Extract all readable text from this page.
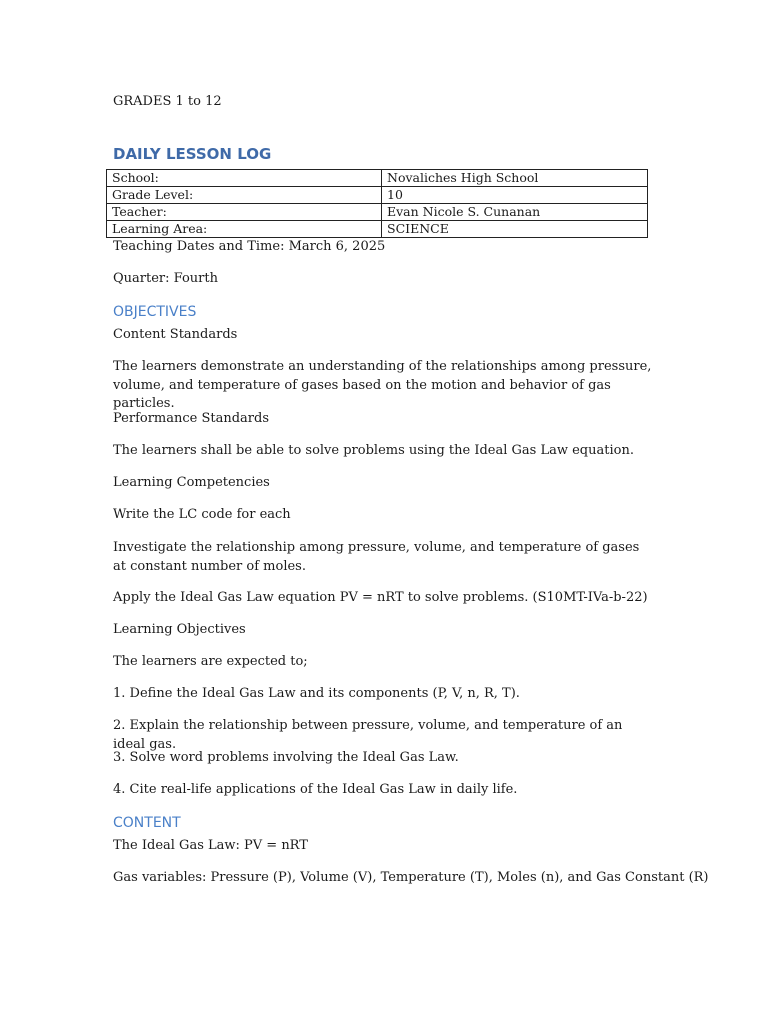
GRADES 1 to 12
DAILY LESSON LOG
School:	Novaliches High School
Grade Level:	10
Teacher:	Evan Nicole S. Cunanan
Learning Area:	SCIENCE
Teaching Dates and Time: March 6, 2025
Quarter: Fourth
OBJECTIVES
Content Standards
The learners demonstrate an understanding of the relationships among pressure, volume, and temperature of gases based on the motion and behavior of gas particles.
Performance Standards
The learners shall be able to solve problems using the Ideal Gas Law equation.
Learning Competencies
Write the LC code for each
Investigate the relationship among pressure, volume, and temperature of gases at constant number of moles.
Apply the Ideal Gas Law equation PV = nRT to solve problems. (S10MT-IVa-b-22)
Learning Objectives
The learners are expected to;
1. Define the Ideal Gas Law and its components (P, V, n, R, T).
2. Explain the relationship between pressure, volume, and temperature of an ideal gas.
3. Solve word problems involving the Ideal Gas Law.
4. Cite real-life applications of the Ideal Gas Law in daily life.
CONTENT
The Ideal Gas Law: PV = nRT
Gas variables: Pressure (P), Volume (V), Temperature (T), Moles (n), and Gas Constant (R)
